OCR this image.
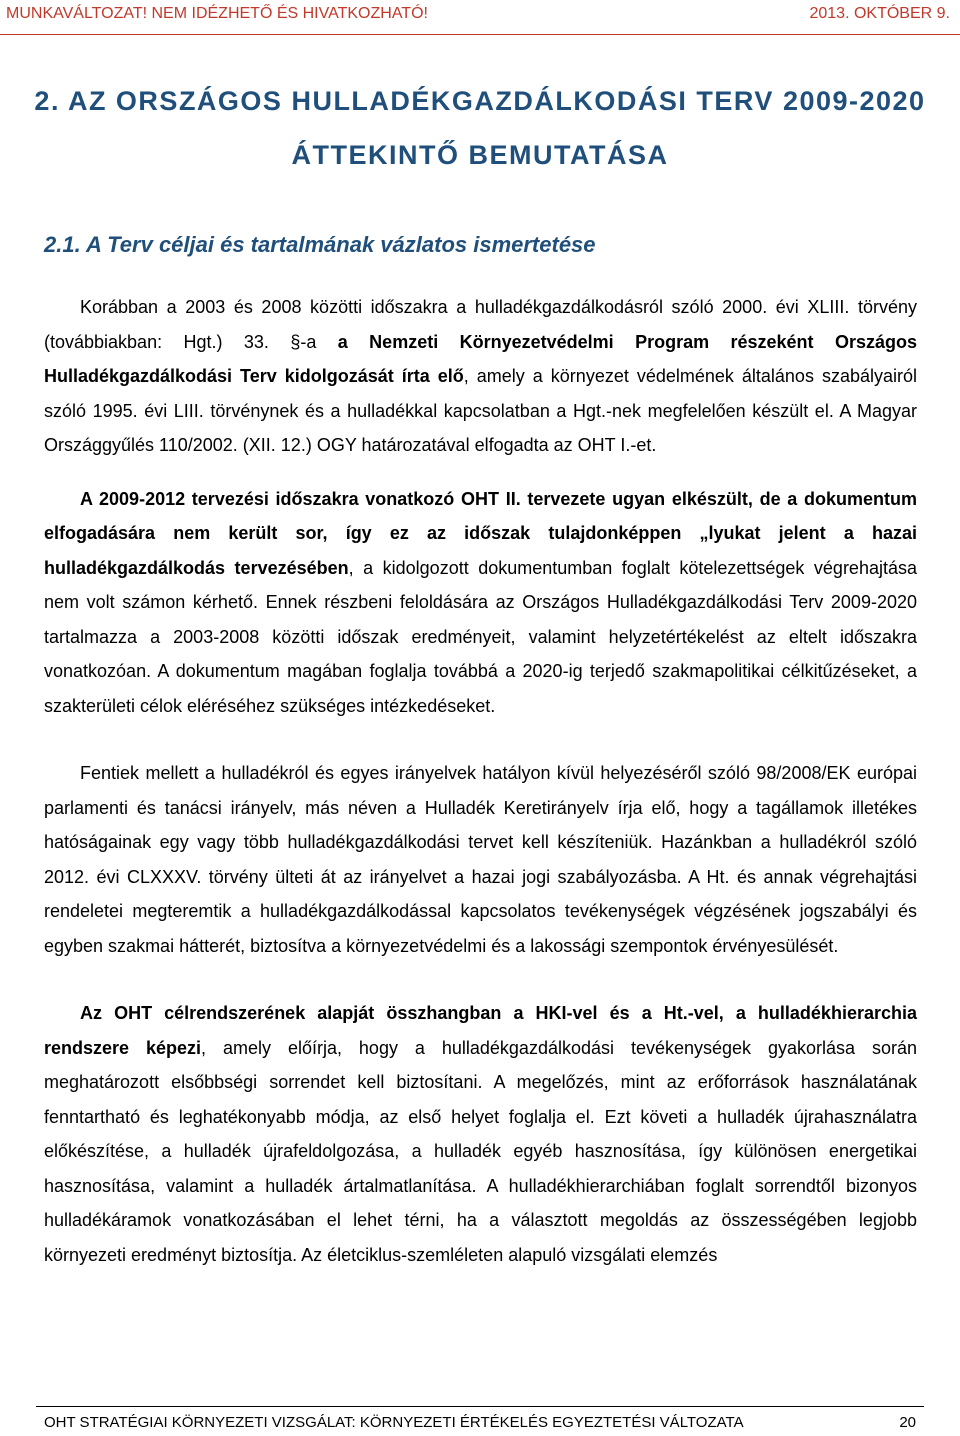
MUNKAVÁLTOZAT! NEM IDÉZHETŐ ÉS HIVATKOZHATÓ!	2013. OKTÓBER 9.
2. AZ ORSZÁGOS HULLADÉKGAZDÁLKODÁSI TERV 2009-2020
ÁTTEKINTŐ BEMUTATÁSA
2.1. A Terv céljai és tartalmának vázlatos ismertetése

Korábban a 2003 és 2008 közötti időszakra a hulladékgazdálkodásról szóló 2000. évi XLIII. törvény (továbbiakban: Hgt.) 33. §-a a Nemzeti Környezetvédelmi Program részeként Országos Hulladékgazdálkodási Terv kidolgozását írta elő, amely a környezet védelmének általános szabályairól szóló 1995. évi LIII. törvénynek és a hulladékkal kapcsolatban a Hgt.-nek megfelelően készült el. A Magyar Országgyűlés 110/2002. (XII. 12.) OGY határozatával elfogadta az OHT I.-et.

A 2009-2012 tervezési időszakra vonatkozó OHT II. tervezete ugyan elkészült, de a dokumentum elfogadására nem került sor, így ez az időszak tulajdonképpen „lyukat jelent a hazai hulladékgazdálkodás tervezésében, a kidolgozott dokumentumban foglalt kötelezettségek végrehajtása nem volt számon kérhető. Ennek részbeni feloldására az Országos Hulladékgazdálkodási Terv 2009-2020 tartalmazza a 2003-2008 közötti időszak eredményeit, valamint helyzetértékelést az eltelt időszakra vonatkozóan. A dokumentum magában foglalja továbbá a 2020-ig terjedő szakmapolitikai célkitűzéseket, a szakterületi célok eléréséhez szükséges intézkedéseket.

Fentiek mellett a hulladékról és egyes irányelvek hatályon kívül helyezéséről szóló 98/2008/EK európai parlamenti és tanácsi irányelv, más néven a Hulladék Keretirányelv írja elő, hogy a tagállamok illetékes hatóságainak egy vagy több hulladékgazdálkodási tervet kell készíteniük. Hazánkban a hulladékról szóló 2012. évi CLXXXV. törvény ülteti át az irányelvet a hazai jogi szabályozásba. A Ht. és annak végrehajtási rendeletei megteremtik a hulladékgazdálkodással kapcsolatos tevékenységek végzésének jogszabályi és egyben szakmai hátterét, biztosítva a környezetvédelmi és a lakossági szempontok érvényesülését.

Az OHT célrendszerének alapját összhangban a HKI-vel és a Ht.-vel, a hulladékhierarchia rendszere képezi, amely előírja, hogy a hulladékgazdálkodási tevékenységek gyakorlása során meghatározott elsőbbségi sorrendet kell biztosítani. A megelőzés, mint az erőforrások használatának fenntartható és leghatékonyabb módja, az első helyet foglalja el. Ezt követi a hulladék újrahasználatra előkészítése, a hulladék újrafeldolgozása, a hulladék egyéb hasznosítása, így különösen energetikai hasznosítása, valamint a hulladék ártalmatlanítása. A hulladékhierarchiában foglalt sorrendtől bizonyos hulladékáramok vonatkozásában el lehet térni, ha a választott megoldás az összességében legjobb környezeti eredményt biztosítja. Az életciklus-szemléleten alapuló vizsgálati elemzés

OHT STRATÉGIAI KÖRNYEZETI VIZSGÁLAT: KÖRNYEZETI ÉRTÉKELÉS EGYEZTETÉSI VÁLTOZATA	20
